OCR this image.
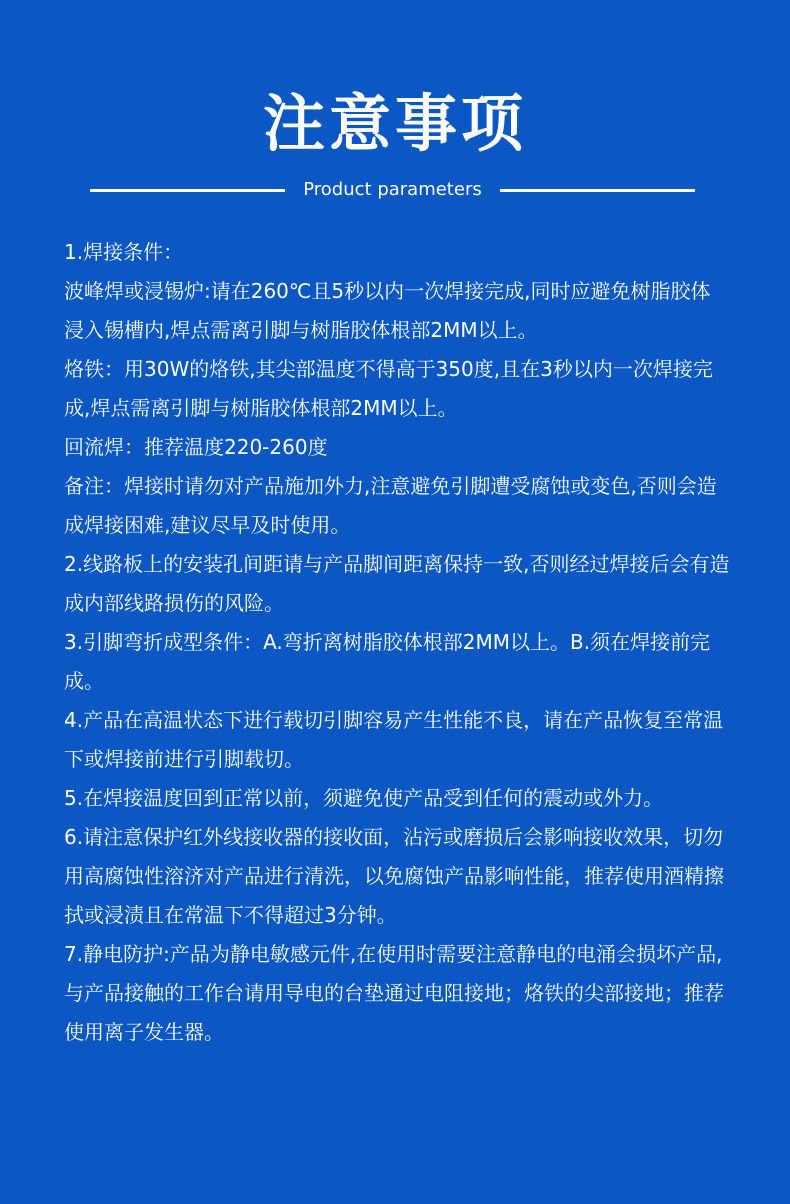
注意事项
Product parameters

1.焊接条件：

波峰焊或浸锡炉:请在260℃且5秒以内一次焊接完成,同时应避免树脂胶体浸入锡槽内,焊点需离引脚与树脂胶体根部2MM以上。

烙铁：用30W的烙铁,其尖部温度不得高于350度,且在3秒以内一次焊接完成,焊点需离引脚与树脂胶体根部2MM以上。

回流焊：推荐温度220-260度

备注：焊接时请勿对产品施加外力,注意避免引脚遭受腐蚀或变色,否则会造成焊接困难,建议尽早及时使用。

2.线路板上的安装孔间距请与产品脚间距离保持一致,否则经过焊接后会有造成内部线路损伤的风险。

3.引脚弯折成型条件：A.弯折离树脂胶体根部2MM以上。B.须在焊接前完成。

4.产品在高温状态下进行载切引脚容易产生性能不良，请在产品恢复至常温下或焊接前进行引脚载切。

5.在焊接温度回到正常以前，须避免使产品受到任何的震动或外力。

6.请注意保护红外线接收器的接收面，沾污或磨损后会影响接收效果，切勿用高腐蚀性溶济对产品进行清洗，以免腐蚀产品影响性能，推荐使用酒精擦拭或浸渍且在常温下不得超过3分钟。

7.静电防护:产品为静电敏感元件,在使用时需要注意静电的电涌会损坏产品,与产品接触的工作台请用导电的台垫通过电阻接地；烙铁的尖部接地；推荐使用离子发生器。
